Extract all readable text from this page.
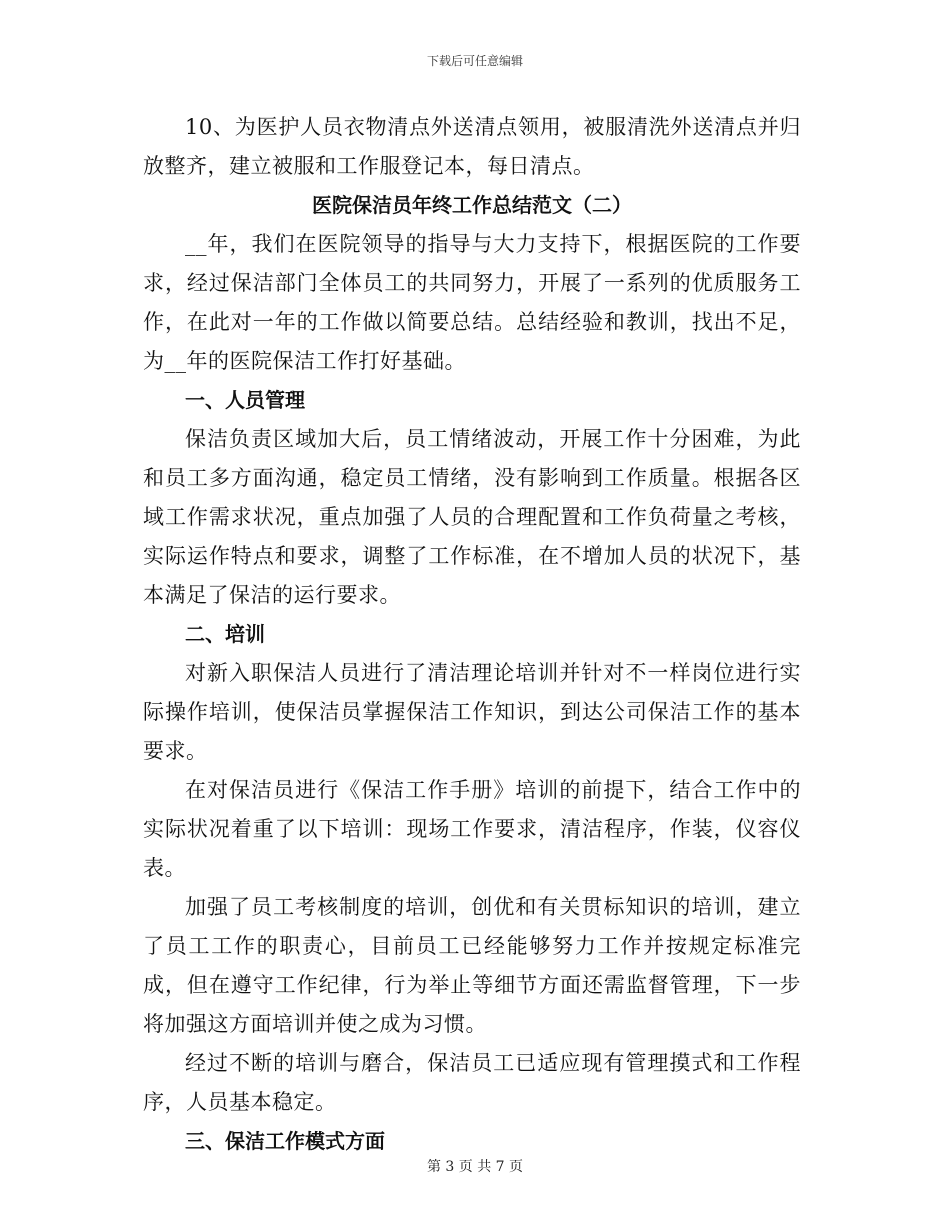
下载后可任意编辑

10、为医护人员衣物清点外送清点领用，被服清洗外送清点并归放整齐，建立被服和工作服登记本，每日清点。

医院保洁员年终工作总结范文（二）

__年，我们在医院领导的指导与大力支持下，根据医院的工作要求，经过保洁部门全体员工的共同努力，开展了一系列的优质服务工作，在此对一年的工作做以简要总结。总结经验和教训，找出不足，为__年的医院保洁工作打好基础。

一、人员管理

保洁负责区域加大后，员工情绪波动，开展工作十分困难，为此和员工多方面沟通，稳定员工情绪，没有影响到工作质量。根据各区域工作需求状况，重点加强了人员的合理配置和工作负荷量之考核，实际运作特点和要求，调整了工作标准，在不增加人员的状况下，基本满足了保洁的运行要求。

二、培训

对新入职保洁人员进行了清洁理论培训并针对不一样岗位进行实际操作培训，使保洁员掌握保洁工作知识，到达公司保洁工作的基本要求。

在对保洁员进行《保洁工作手册》培训的前提下，结合工作中的实际状况着重了以下培训：现场工作要求，清洁程序，作装，仪容仪表。

加强了员工考核制度的培训，创优和有关贯标知识的培训，建立了员工工作的职责心，目前员工已经能够努力工作并按规定标准完成，但在遵守工作纪律，行为举止等细节方面还需监督管理，下一步将加强这方面培训并使之成为习惯。

经过不断的培训与磨合，保洁员工已适应现有管理摸式和工作程序，人员基本稳定。

三、保洁工作模式方面

第 3 页 共 7 页
